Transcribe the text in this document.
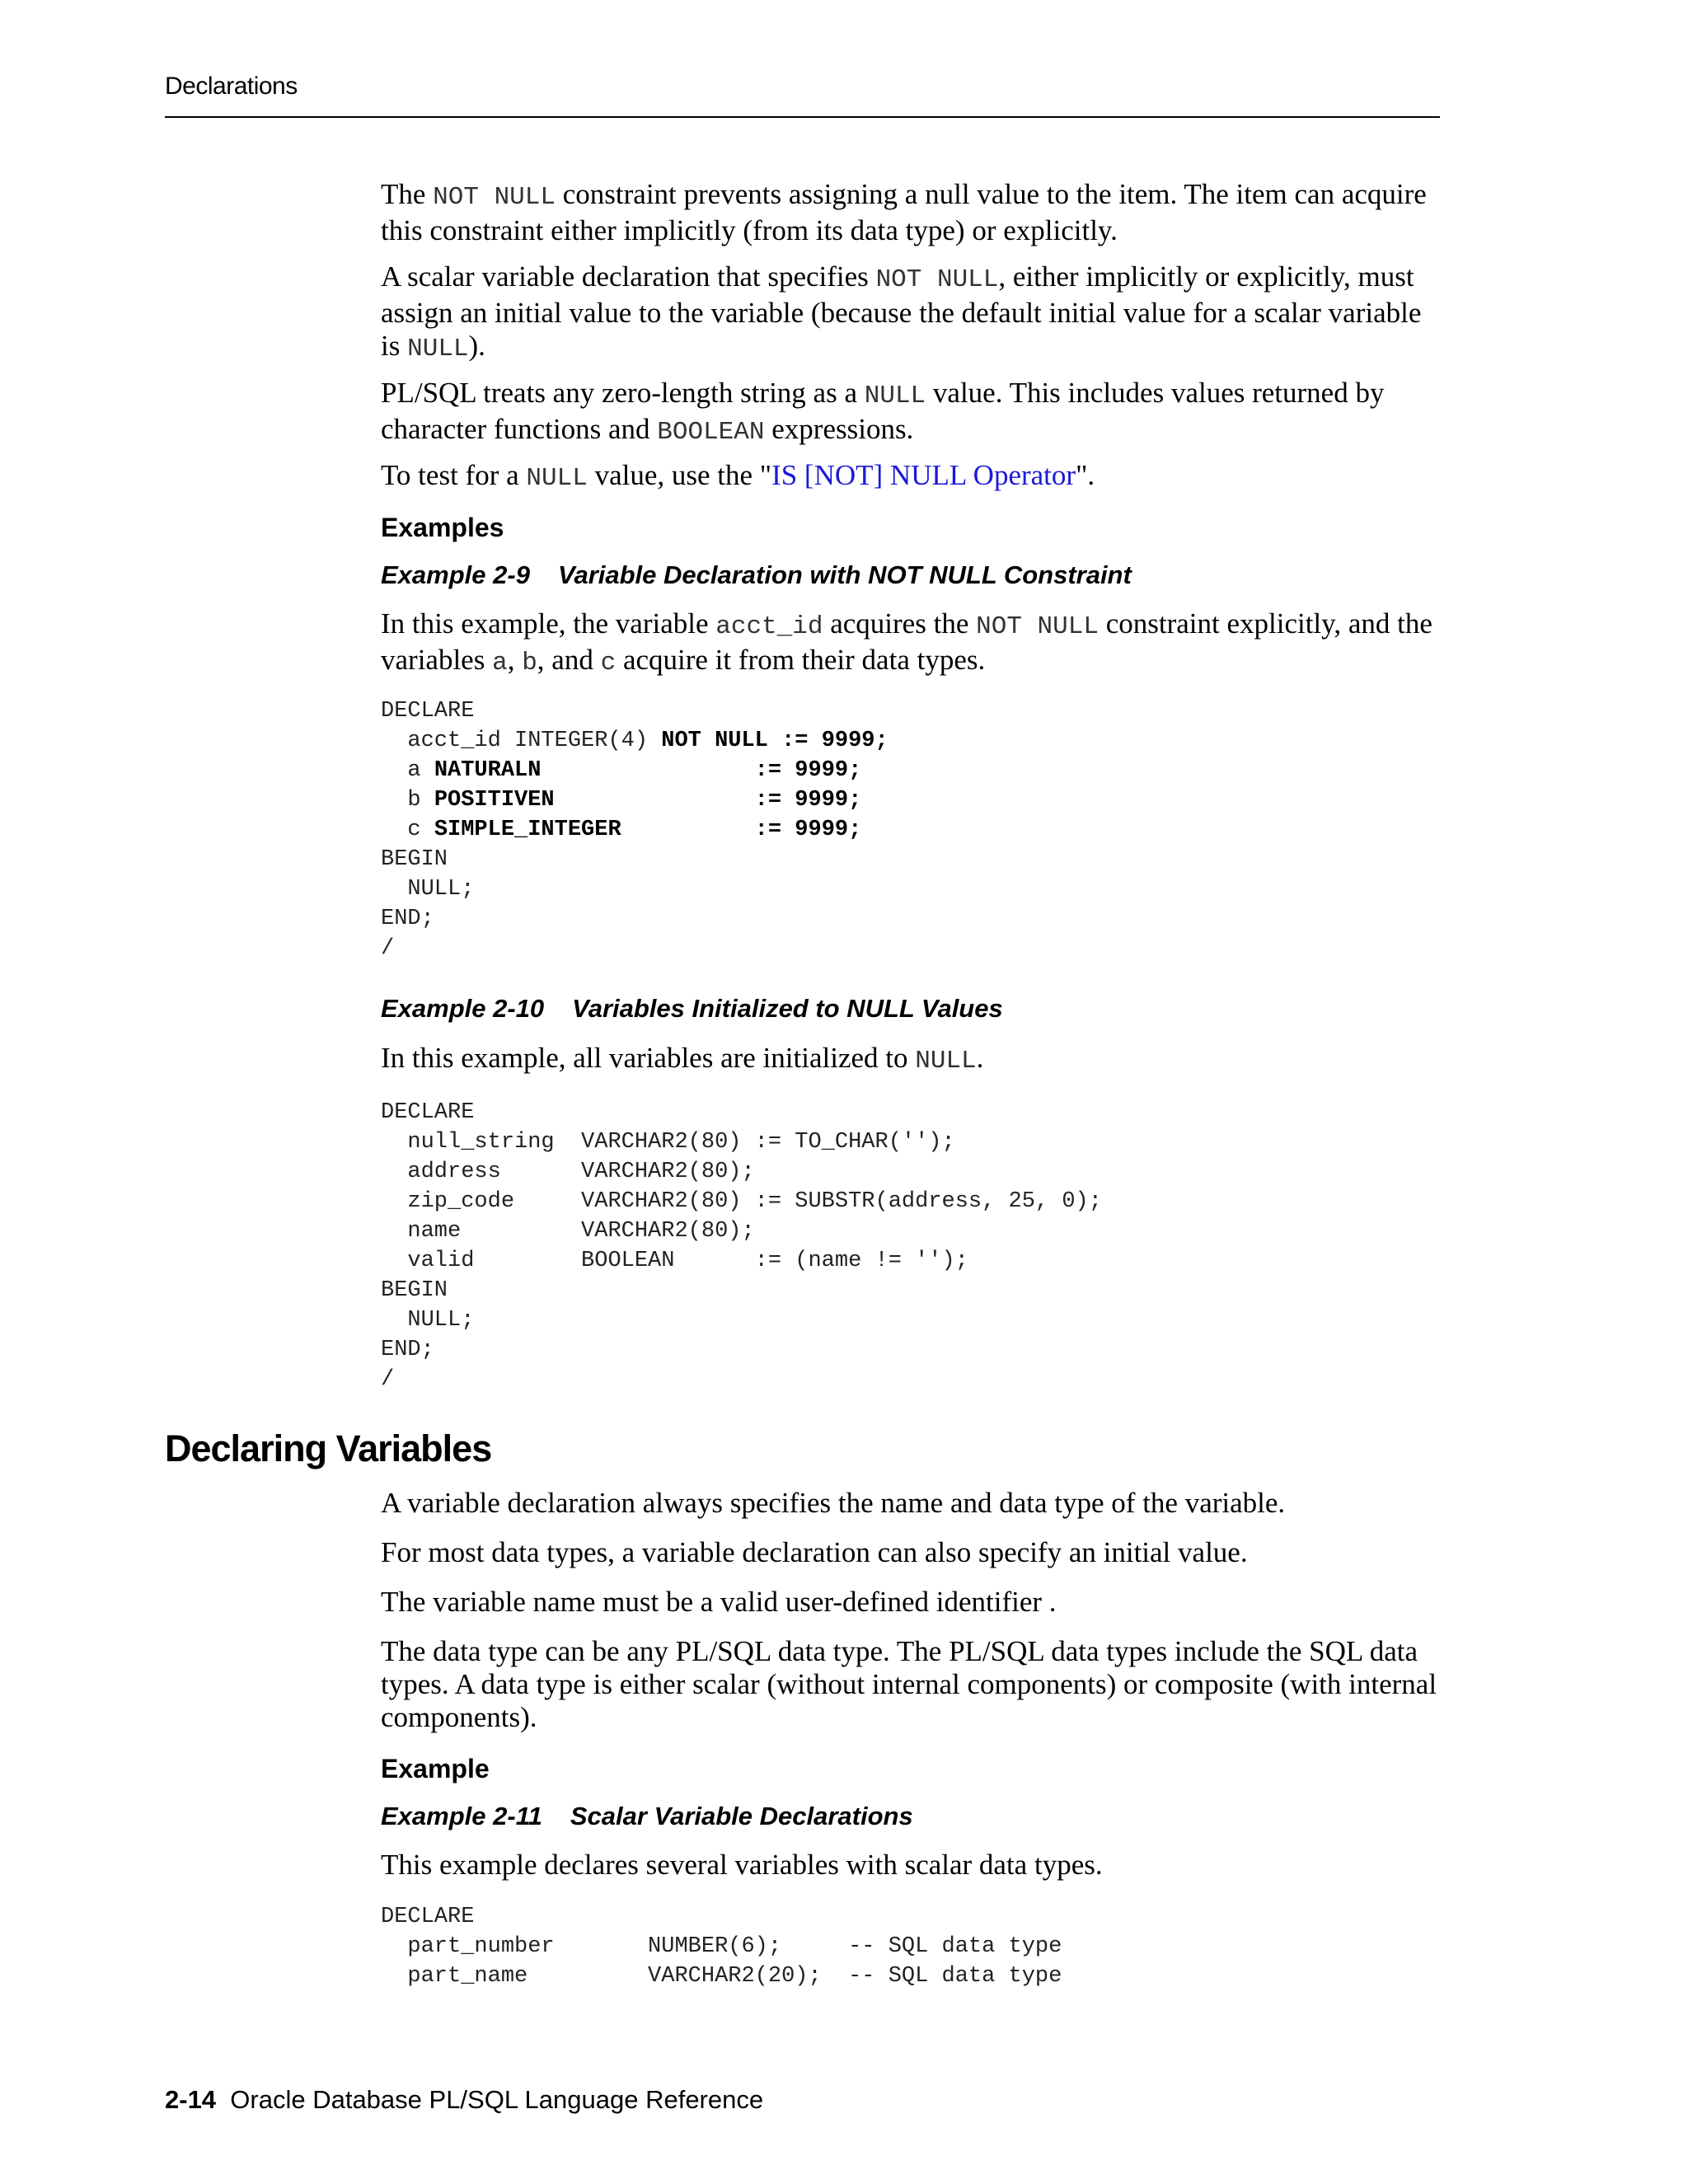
Declarations

The NOT NULL constraint prevents assigning a null value to the item. The item can acquire this constraint either implicitly (from its data type) or explicitly.

A scalar variable declaration that specifies NOT NULL, either implicitly or explicitly, must assign an initial value to the variable (because the default initial value for a scalar variable is NULL).

PL/SQL treats any zero-length string as a NULL value. This includes values returned by character functions and BOOLEAN expressions.

To test for a NULL value, use the "IS [NOT] NULL Operator".

Examples
Example 2-9 Variable Declaration with NOT NULL Constraint

In this example, the variable acct_id acquires the NOT NULL constraint explicitly, and the variables a, b, and c acquire it from their data types.

DECLARE
acct_id INTEGER(4) NOT NULL := 9999;
a NATURALN                := 9999;
b POSITIVEN               := 9999;
c SIMPLE_INTEGER          := 9999;
BEGIN
NULL;
END;
/
Example 2-10 Variables Initialized to NULL Values

In this example, all variables are initialized to NULL.

DECLARE
null_string  VARCHAR2(80) := TO_CHAR('');
address      VARCHAR2(80);
zip_code     VARCHAR2(80) := SUBSTR(address, 25, 0);
name         VARCHAR2(80);
valid        BOOLEAN      := (name != '');
BEGIN
NULL;
END;
/
Declaring Variables

A variable declaration always specifies the name and data type of the variable.

For most data types, a variable declaration can also specify an initial value.

The variable name must be a valid user-defined identifier .

The data type can be any PL/SQL data type. The PL/SQL data types include the SQL data types. A data type is either scalar (without internal components) or composite (with internal components).

Example
Example 2-11 Scalar Variable Declarations

This example declares several variables with scalar data types.

DECLARE
part_number       NUMBER(6);     -- SQL data type
part_name         VARCHAR2(20);  -- SQL data type
2-14 Oracle Database PL/SQL Language Reference
